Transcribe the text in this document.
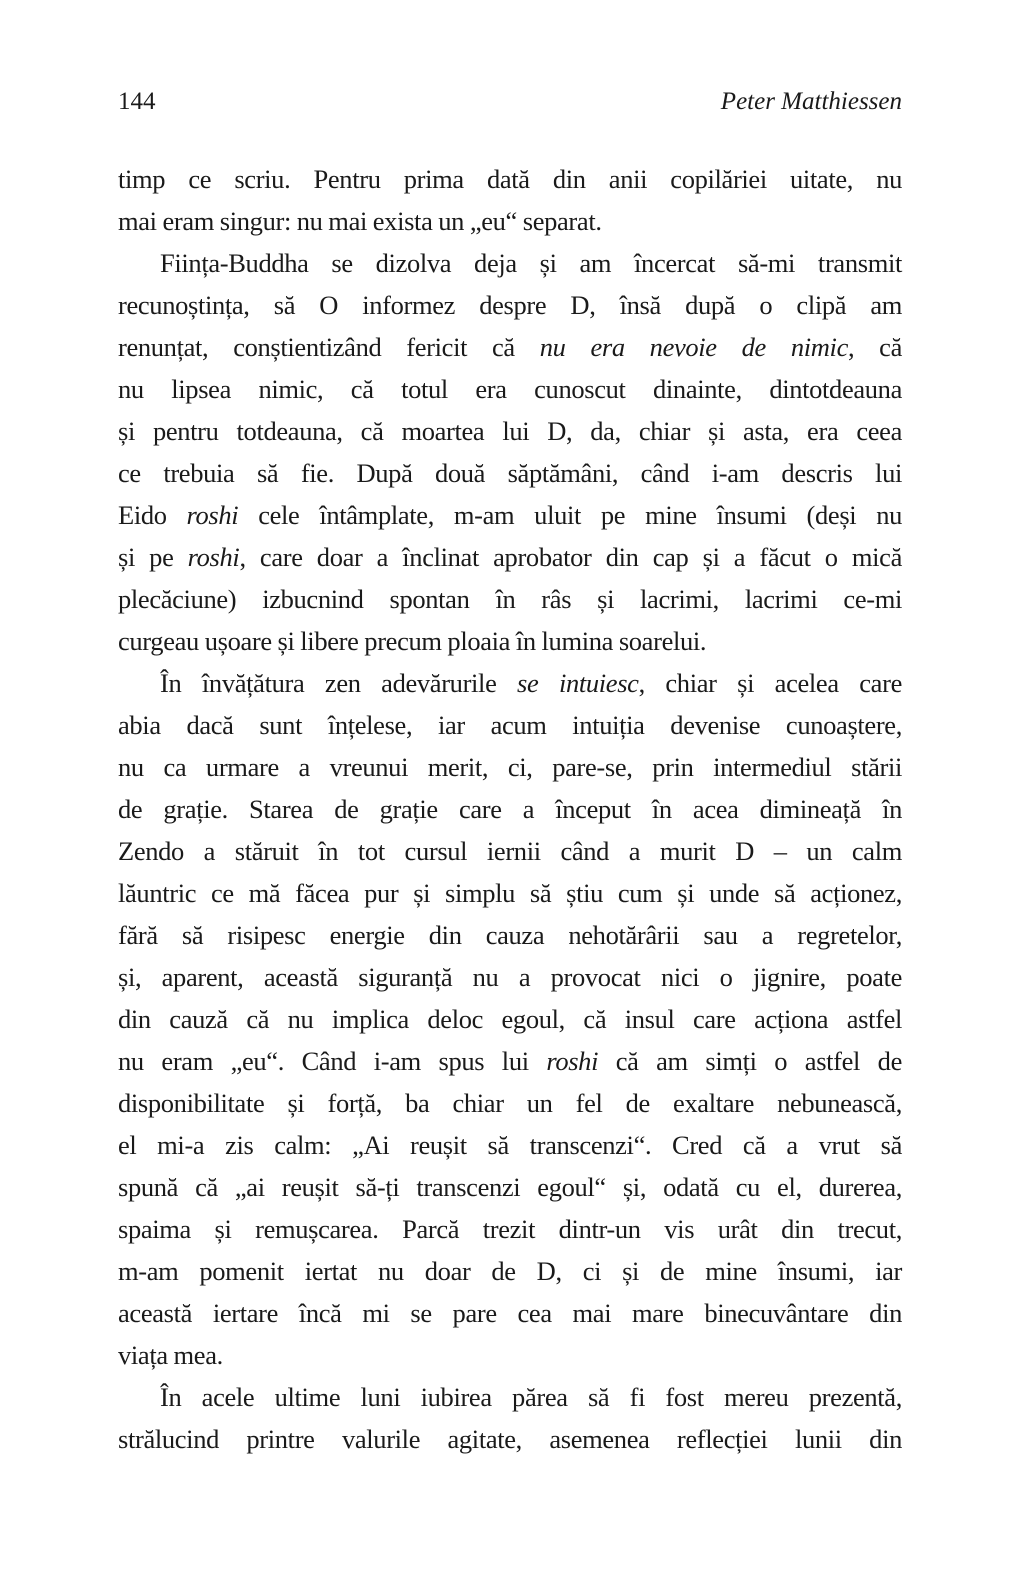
144	Peter Matthiessen
timp ce scriu. Pentru prima dată din anii copilăriei uitate, nu
mai eram singur: nu mai exista un „eu“ separat.
Ființa-Buddha se dizolva deja și am încercat să-mi transmit
recunoștința, să O informez despre D, însă după o clipă am
renunțat, conștientizând fericit că nu era nevoie de nimic, că
nu lipsea nimic, că totul era cunoscut dinainte, dintotdeauna
și pentru totdeauna, că moartea lui D, da, chiar și asta, era ceea
ce trebuia să fie. După două săptămâni, când i-am descris lui
Eido roshi cele întâmplate, m-am uluit pe mine însumi (deși nu
și pe roshi, care doar a înclinat aprobator din cap și a făcut o mică
plecăciune) izbucnind spontan în râs și lacrimi, lacrimi ce-mi
curgeau ușoare și libere precum ploaia în lumina soarelui.
În învățătura zen adevărurile se intuiesc, chiar și acelea care
abia dacă sunt înțelese, iar acum intuiția devenise cunoaștere,
nu ca urmare a vreunui merit, ci, pare-se, prin intermediul stării
de grație. Starea de grație care a început în acea dimineață în
Zendo a stăruit în tot cursul iernii când a murit D – un calm
lăuntric ce mă făcea pur și simplu să știu cum și unde să acționez,
fără să risipesc energie din cauza nehotărârii sau a regretelor,
și, aparent, această siguranță nu a provocat nici o jignire, poate
din cauză că nu implica deloc egoul, că insul care acționa astfel
nu eram „eu“. Când i-am spus lui roshi că am simți o astfel de
disponibilitate și forță, ba chiar un fel de exaltare nebunească,
el mi-a zis calm: „Ai reușit să transcenzi“. Cred că a vrut să
spună că „ai reușit să-ți transcenzi egoul“ și, odată cu el, durerea,
spaima și remușcarea. Parcă trezit dintr-un vis urât din trecut,
m-am pomenit iertat nu doar de D, ci și de mine însumi, iar
această iertare încă mi se pare cea mai mare binecuvântare din
viața mea.
În acele ultime luni iubirea părea să fi fost mereu prezentă,
strălucind printre valurile agitate, asemenea reflecției lunii din
